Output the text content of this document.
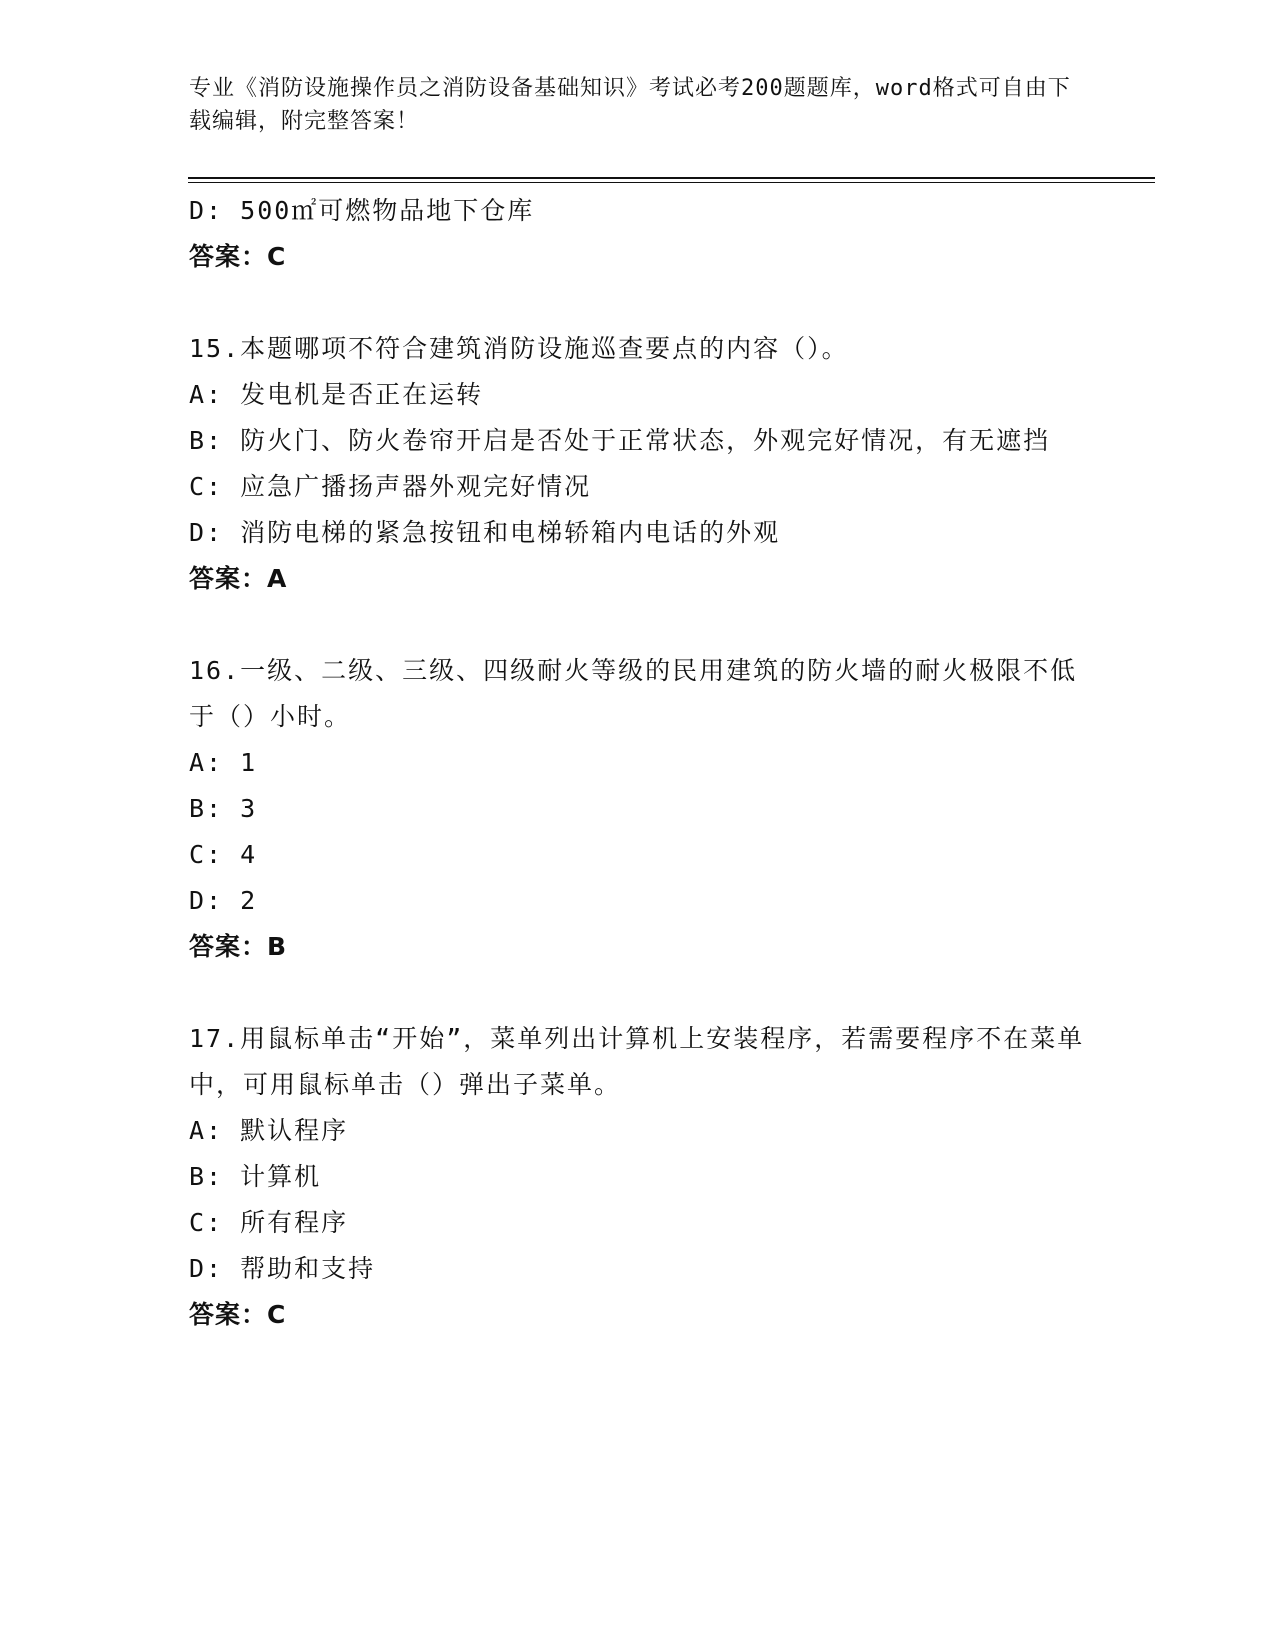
专业《消防设施操作员之消防设备基础知识》考试必考200题题库，word格式可自由下载编辑，附完整答案！
D: 500㎡可燃物品地下仓库
答案：C
15.本题哪项不符合建筑消防设施巡查要点的内容（）。
A: 发电机是否正在运转
B: 防火门、防火卷帘开启是否处于正常状态，外观完好情况，有无遮挡
C: 应急广播扬声器外观完好情况
D: 消防电梯的紧急按钮和电梯轿箱内电话的外观
答案：A
16.一级、二级、三级、四级耐火等级的民用建筑的防火墙的耐火极限不低于（）小时。
A: 1
B: 3
C: 4
D: 2
答案：B
17.用鼠标单击“开始”，菜单列出计算机上安装程序，若需要程序不在菜单中，可用鼠标单击（）弹出子菜单。
A: 默认程序
B: 计算机
C: 所有程序
D: 帮助和支持
答案：C
